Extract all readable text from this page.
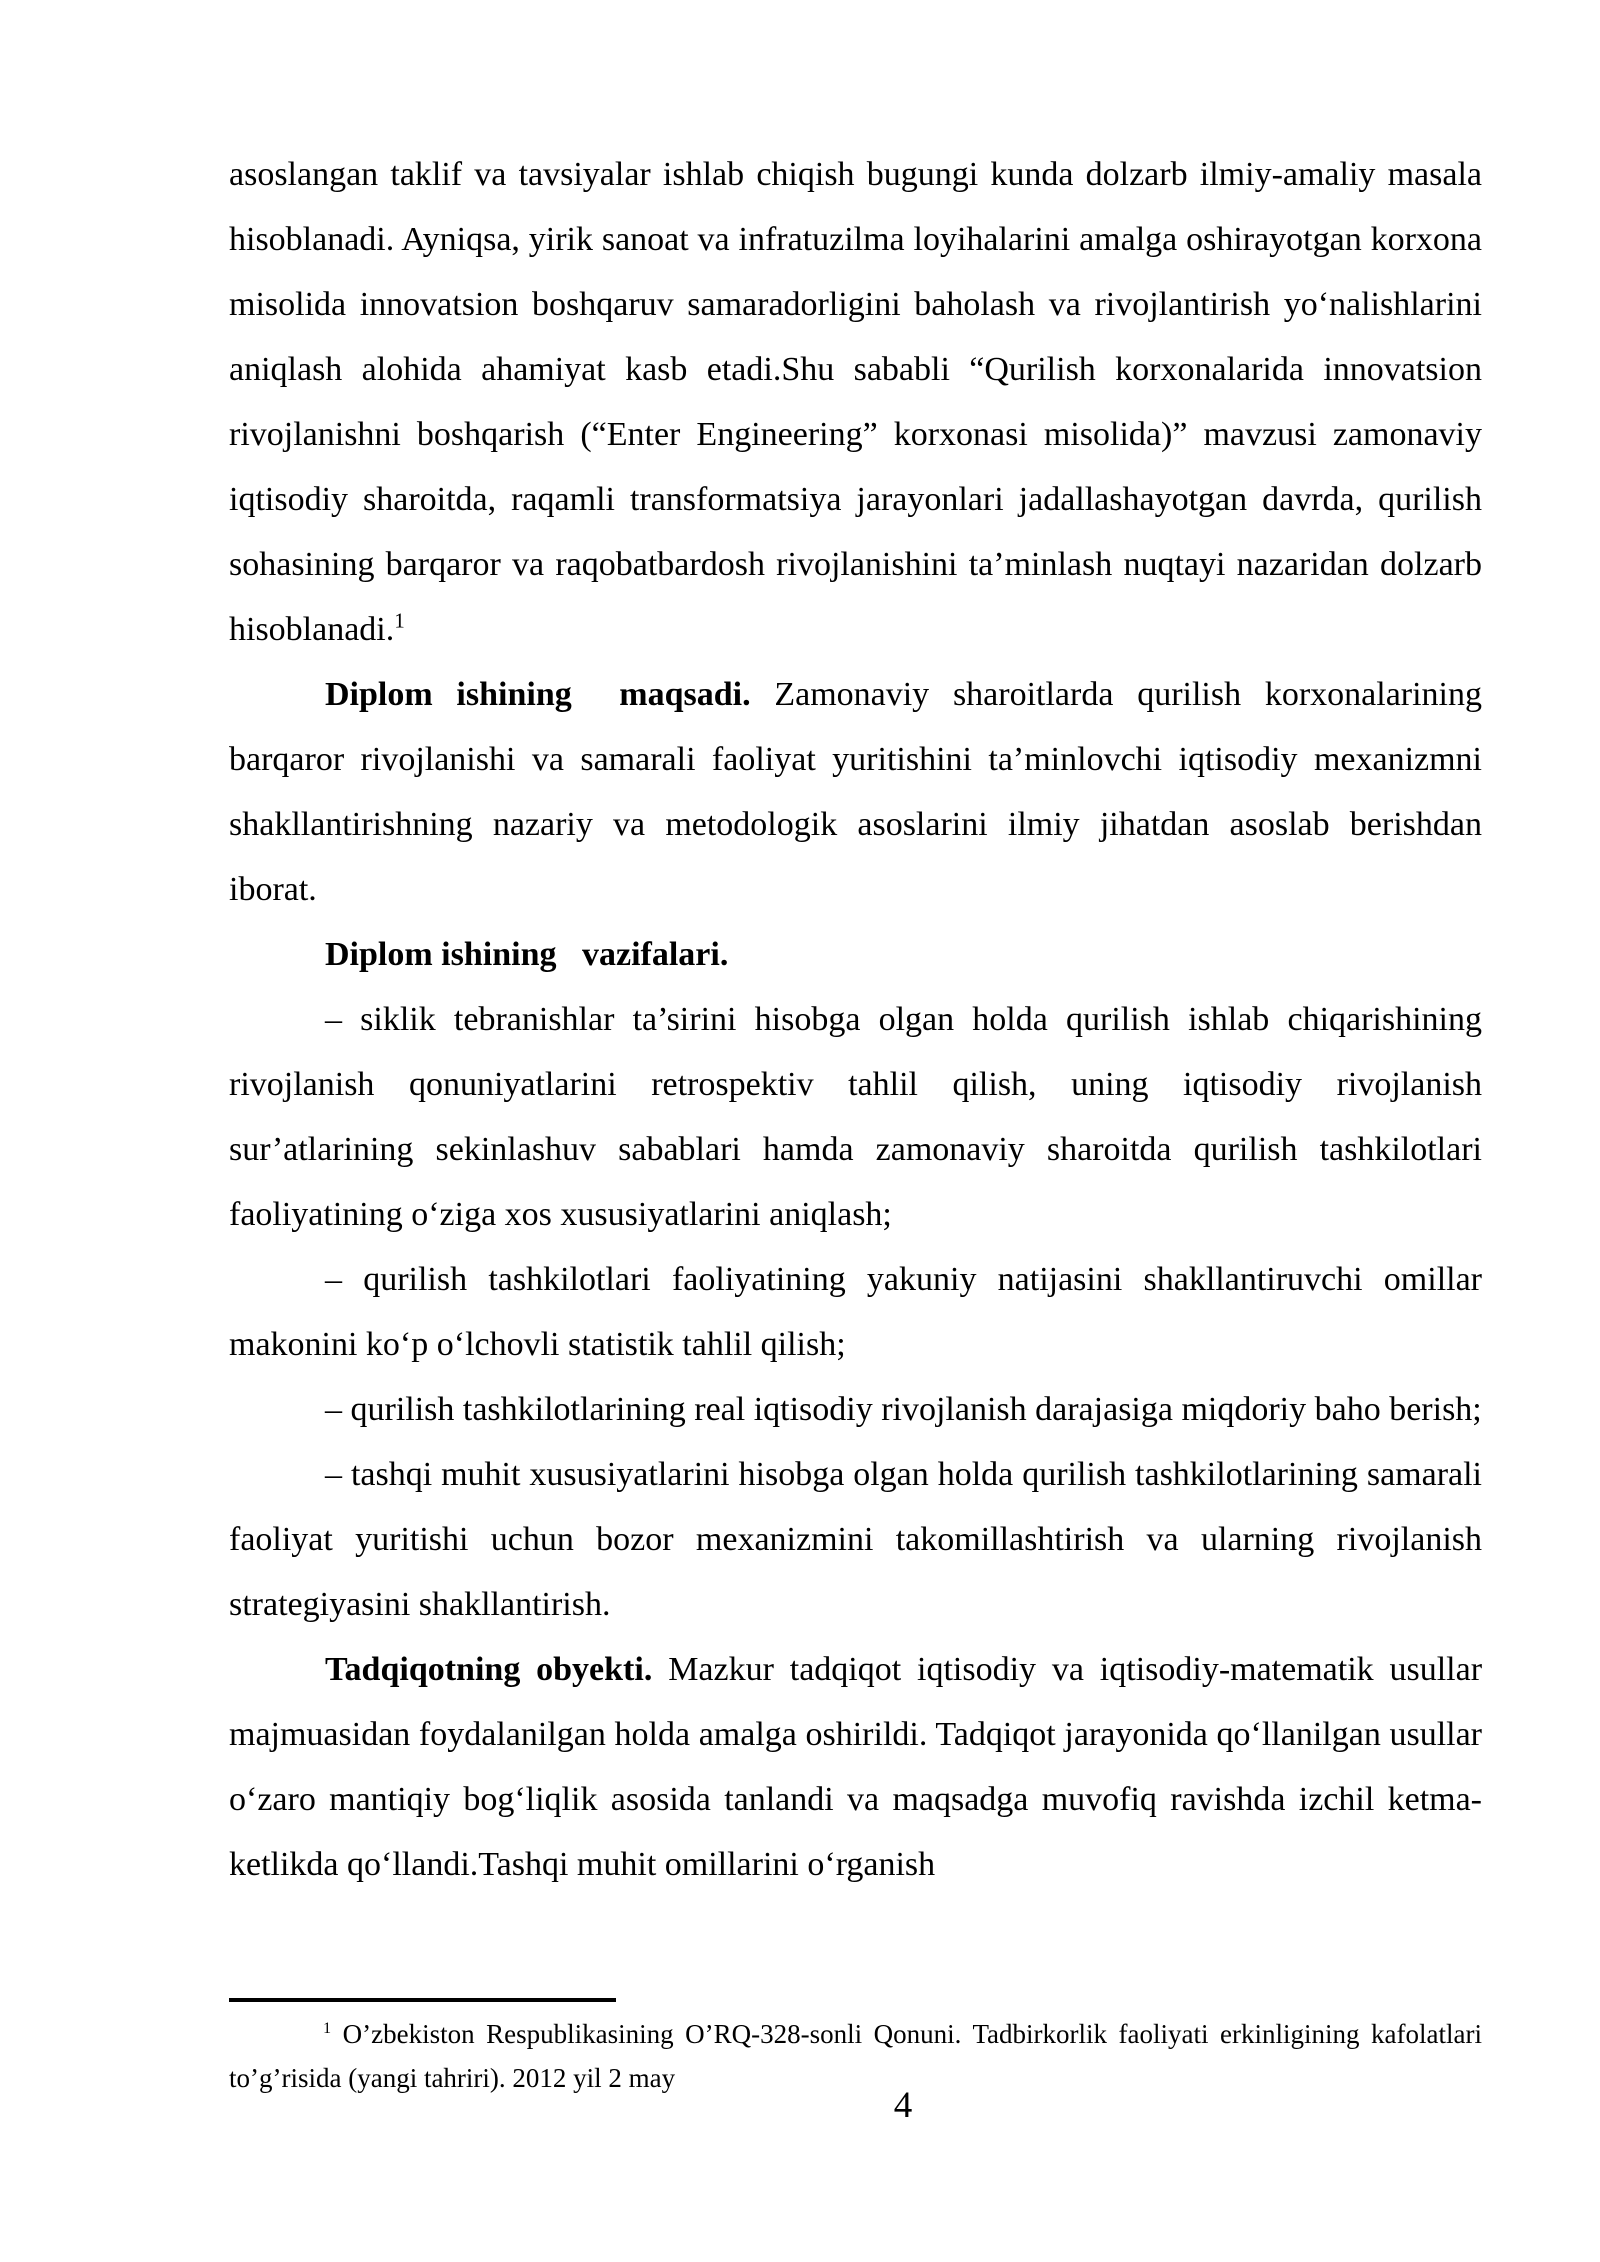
asoslangan taklif va tavsiyalar ishlab chiqish bugungi kunda dolzarb ilmiy-amaliy masala hisoblanadi. Ayniqsa, yirik sanoat va infratuzilma loyihalarini amalga oshirayotgan korxona misolida innovatsion boshqaruv samaradorligini baholash va rivojlantirish yoʻnalishlarini aniqlash alohida ahamiyat kasb etadi.Shu sababli “Qurilish korxonalarida innovatsion rivojlanishni boshqarish (“Enter Engineering” korxonasi misolida)” mavzusi zamonaviy iqtisodiy sharoitda, raqamli transformatsiya jarayonlari jadallashayotgan davrda, qurilish sohasining barqaror va raqobatbardosh rivojlanishini ta’minlash nuqtayi nazaridan dolzarb hisoblanadi.$^1$

Diplom ishining  maqsadi. Zamonaviy sharoitlarda qurilish korxonalarining barqaror rivojlanishi va samarali faoliyat yuritishini ta’minlovchi iqtisodiy mexanizmni shakllantirishning nazariy va metodologik asoslarini ilmiy jihatdan asoslab berishdan iborat.

Diplom ishining   vazifalari.

– siklik tebranishlar ta’sirini hisobga olgan holda qurilish ishlab chiqarishining rivojlanish qonuniyatlarini retrospektiv tahlil qilish, uning iqtisodiy rivojlanish sur’atlarining sekinlashuv sabablari hamda zamonaviy sharoitda qurilish tashkilotlari faoliyatining oʻziga xos xususiyatlarini aniqlash;

– qurilish tashkilotlari faoliyatining yakuniy natijasini shakllantiruvchi omillar makonini koʻp oʻlchovli statistik tahlil qilish;

– qurilish tashkilotlarining real iqtisodiy rivojlanish darajasiga miqdoriy baho berish;

– tashqi muhit xususiyatlarini hisobga olgan holda qurilish tashkilotlarining samarali faoliyat yuritishi uchun bozor mexanizmini takomillashtirish va ularning rivojlanish strategiyasini shakllantirish.

Tadqiqotning obyekti. Mazkur tadqiqot iqtisodiy va iqtisodiy-matematik usullar majmuasidan foydalanilgan holda amalga oshirildi. Tadqiqot jarayonida qoʻllanilgan usullar oʻzaro mantiqiy bogʻliqlik asosida tanlandi va maqsadga muvofiq ravishda izchil ketma-ketlikda qoʻllandi.Tashqi muhit omillarini oʻrganish

$^1$ O’zbekiston Respublikasining O’RQ-328-sonli Qonuni. Tadbirkorlik faoliyati erkinligining kafolatlari to’g’risida (yangi tahriri). 2012 yil 2 may
4
